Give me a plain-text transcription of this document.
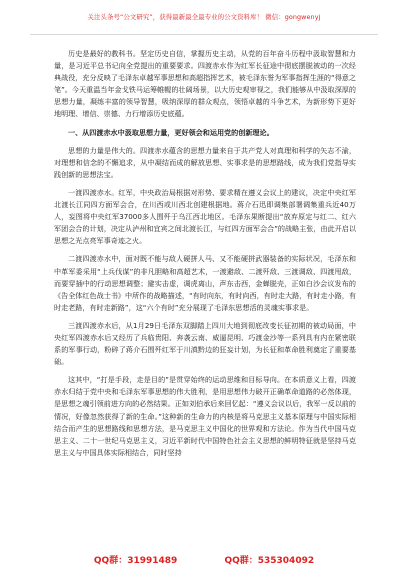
关注头条号“公文研究”，获得最新最全最专业的公文资料库！ 微信：gongwenyj

历史是最好的教科书。坚定历史自信，掌握历史主动，从党的百年奋斗历程中汲取智慧和力量，是习近平总书记向全党提出的重要要求。四渡赤水作为红军长征途中彻底摆脱被动的一次经典战役，充分反映了毛泽东卓越军事思想和高超指挥艺术，被毛泽东誉为军事指挥生涯的“得意之笔”。今天重温当年金戈铁马运筹帷幄的壮阔场景，以大历史观审视之，我们能够从中汲取深厚的思想力量，凝练丰富的领导智慧，吸纳深厚的群众观点，领悟卓越的斗争艺术，为新形势下更好地明理、增信、崇德、力行增添历史底蕴。

一、从四渡赤水中汲取思想力量，更好领会和运用党的创新理论。

思想的力量是伟大的。四渡赤水蕴含的思想力量来自于共产党人对真理和科学的矢志不渝，对理想和信念的不懈追求，从中凝结而成的解放思想、实事求是的思想路线，成为我们党指导实践创新的思想法宝。

一渡四渡赤水。红军，中央政治局根据对形势、要求精在遵义会议上的建议，决定中央红军北渡长江同四方面军会合，在川西或川西北创建根据地。蒋介石迅即调集部署调集重兵近40万人，妄图将中央红军37000多人围歼于乌江西北地区。毛泽东果断提出“放弃原定与红二、红六军团会合的计划，决定从泸州和宜宾之间北渡长江，与红四方面军会合”的战略主张，由此开启以思想之光点亮军事奇迹之火。

二渡四渡赤水中，面对既不能与敌人硬拼人马、又不能硬拼武器装备的实际状况，毛泽东和中革军委采用“上兵伐谋”的非凡胆略和高超艺术，一渡避敌、二渡歼敌、三渡调敌、四渡甩敌，而要穿插中的行动思想调整；避实击虚，调虎离山，声东击西，金蝉脱壳，正如白沙会议发布的《告全体红色战士书》中所作的战略描述，“有时向东，有时向西，有时走大路，有时走小路，有时走老路，有时走新路”，这“六个有时”充分展现了毛泽东思想活的灵魂实事求是。

三渡四渡赤水后，从1月29日毛泽东双脚踏上四川大地到彻底改变长征初期的被动局面，中央红军四渡赤水后又经历了兵临贵阳、奔袭云南、威逼昆明、巧渡金沙等一系列具有内在紧密联系的军事行动，粉碎了蒋介石围歼红军于川滇黔边的狂妄计划，为长征和革命胜利奠定了重要基础。

这其中，“打是手段，走是目的”是贯穿始终的运动思维和目标导向。在本质意义上看，四渡赤水归结于党中央和毛泽东军事思想的伟大胜利，是用思想伟力破开正确革命道路的必然体现，是思想之魂引领前进方向的必然结果。正如刘伯承后来回忆起：“遵义会议以后，我军一反以前的情况，好像忽然获得了新的生命。”这种新的生命力的内核是将马克思主义基本原理与中国实际相结合而产生的思想路线和思想方法，是马克思主义中国化的世界观和方法论。作为当代中国马克思主义、二十一世纪马克思主义，习近平新时代中国特色社会主义思想的鲜明特征就是坚持马克思主义与中国具体实际相结合，同时坚持

QQ群：31991489	QQ群：535304092
